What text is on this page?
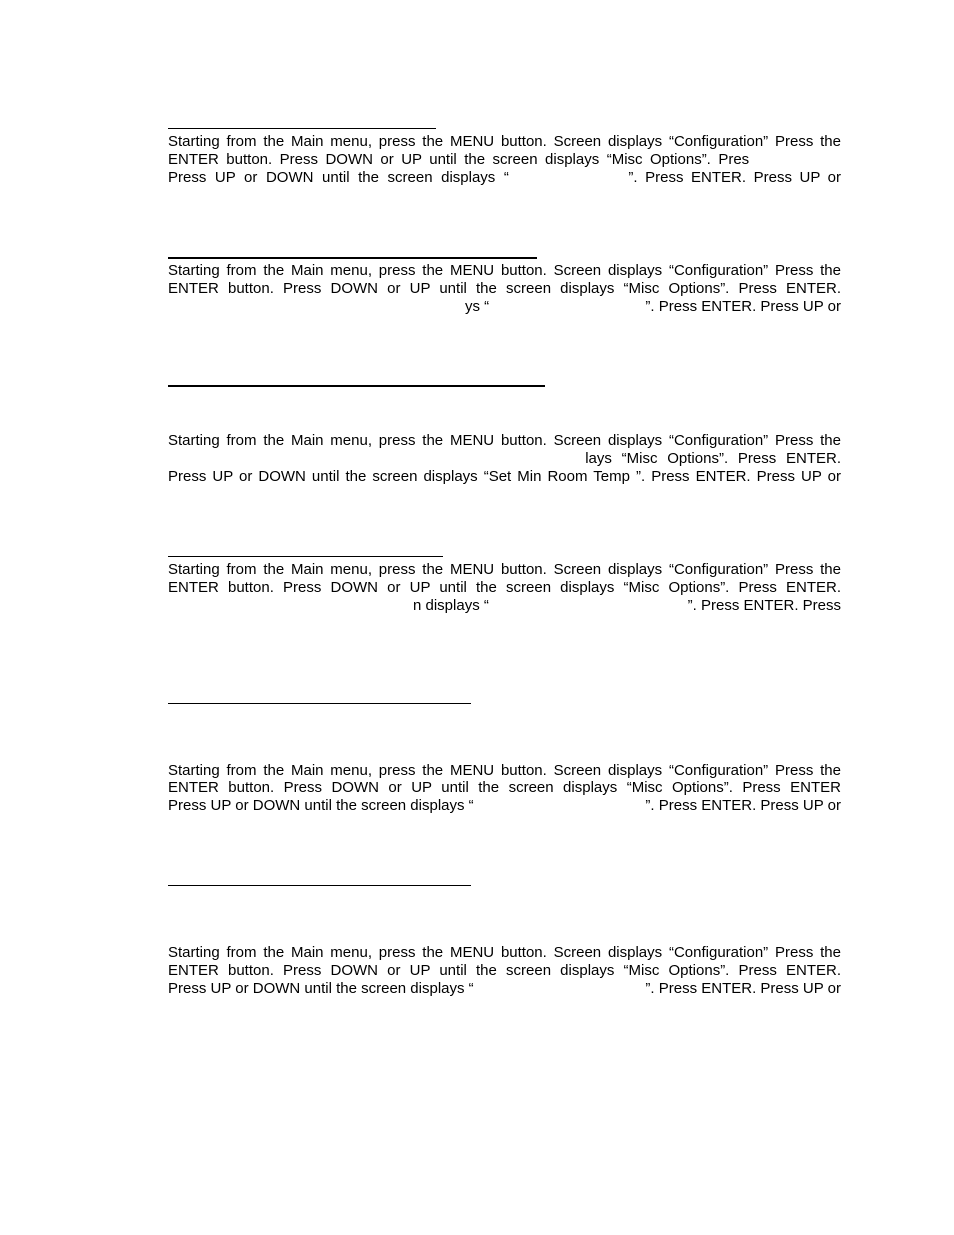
Starting from the Main menu, press the MENU button. Screen displays “Configuration” Press the
ENTER button. Press DOWN or UP until the screen displays “Misc Options”. Pres
Press UP or DOWN until the screen displays “	”. Press ENTER. Press UP or
Starting from the Main menu, press the MENU button. Screen displays “Configuration” Press the
ENTER button. Press DOWN or UP until the screen displays “Misc Options”. Press ENTER.
ys “	”. Press ENTER. Press UP or
Starting from the Main menu, press the MENU button. Screen displays “Configuration” Press the
lays “Misc Options”. Press ENTER.
Press UP or DOWN until the screen displays “Set Min Room Temp ”. Press ENTER. Press UP or
Starting from the Main menu, press the MENU button. Screen displays “Configuration” Press the
ENTER button. Press DOWN or UP until the screen displays “Misc Options”. Press ENTER.
n displays “	”. Press ENTER. Press
Starting from the Main menu, press the MENU button. Screen displays “Configuration” Press the
ENTER button. Press DOWN or UP until the screen displays “Misc Options”. Press ENTER
Press UP or DOWN until the screen displays “	”. Press ENTER. Press UP or
Starting from the Main menu, press the MENU button. Screen displays “Configuration” Press the
ENTER button. Press DOWN or UP until the screen displays “Misc Options”. Press ENTER.
Press UP or DOWN until the screen displays “	”. Press ENTER. Press UP or
